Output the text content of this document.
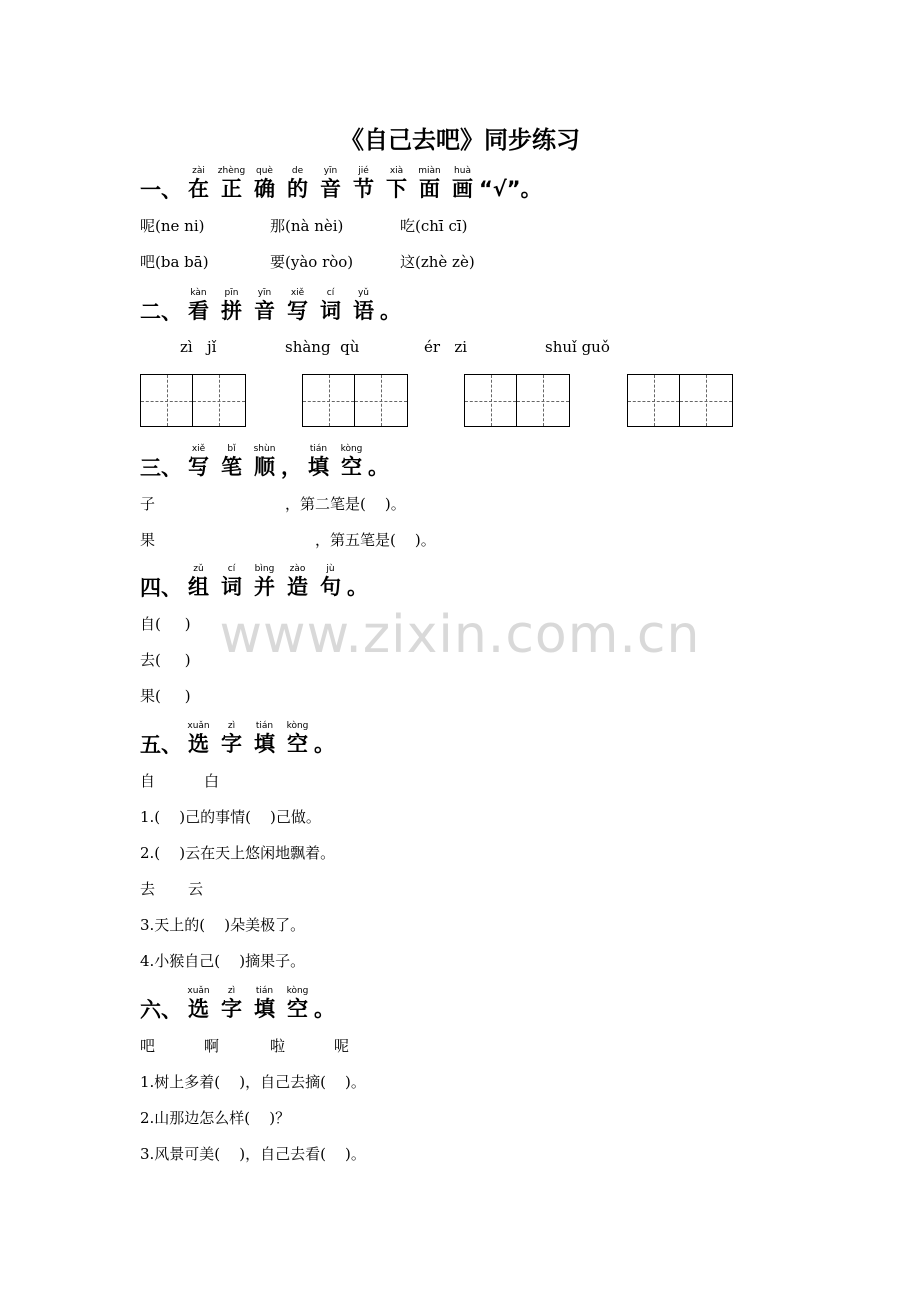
《自己去吧》同步练习
www.zixin.com.cn
一、
zài
在
zhèng
正
què
确
de
的
yīn
音
jié
节
xià
下
miàn
面
huà
画 “√”。
呢(ne ni)	那(nà nèi)	吃(chī cī)
吧(ba bā)	要(yào ròo)	这(zhè zè)
二、
kàn
看
pīn
拼
yīn
音
xiě
写
cí
词
yǔ
语 。
zì   jǐ	shàng  qù	ér   zi	shuǐ guǒ
三、
xiě
写
bǐ
笔
shùn
顺 ，
tián
填
kòng
空 。
子	，第二笔是(    )。
果	，第五笔是(    )。
四、
zǔ
组
cí
词
bìng
并
zào
造
jù
句 。
自(     )
去(     )
果(     )
五、
xuǎn
选
zì
字
tián
填
kòng
空 。
自	白
1.(    )己的事情(    )己做。
2.(    )云在天上悠闲地飘着。
去 云
3.天上的(    )朵美极了。
4.小猴自己(    )摘果子。
六、
xuǎn
选
zì
字
tián
填
kòng
空 。
吧	啊	啦	呢
1.树上多着(    )，自己去摘(    )。
2.山那边怎么样(    )？
3.风景可美(    )，自己去看(    )。
